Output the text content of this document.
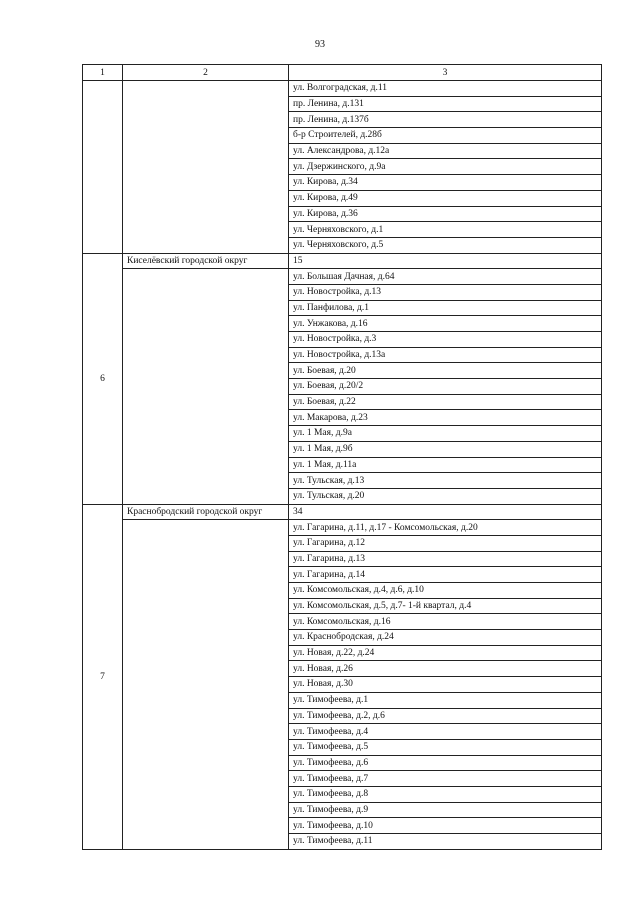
93
1	2	3
		ул. Волгоградская, д.11
		пр. Ленина, д.131
		пр. Ленина, д.137б
		б-р Строителей, д.28б
		ул. Александрова, д.12а
		ул. Дзержинского, д.9а
		ул. Кирова, д.34
		ул. Кирова, д.49
		ул. Кирова, д.36
		ул. Черняховского, д.1
		ул. Черняховского, д.5
6	Киселёвский городской округ	15
		ул. Большая Дачная, д.64
		ул. Новостройка, д.13
		ул. Панфилова, д.1
		ул. Унжакова, д.16
		ул. Новостройка, д.3
		ул. Новостройка, д.13а
		ул. Боевая, д.20
		ул. Боевая, д.20/2
		ул. Боевая, д.22
		ул. Макарова, д.23
		ул. 1 Мая, д.9а
		ул. 1 Мая, д.9б
		ул. 1 Мая, д.11а
		ул. Тульская, д.13
		ул. Тульская, д.20
7	Краснобродский городской округ	34
		ул. Гагарина, д.11, д.17 - Комсомольская, д.20
		ул. Гагарина, д.12
		ул. Гагарина, д.13
		ул. Гагарина, д.14
		ул. Комсомольская, д.4, д.6, д.10
		ул. Комсомольская, д.5, д.7- 1-й квартал, д.4
		ул. Комсомольская, д.16
		ул. Краснобродская, д.24
		ул. Новая, д.22, д.24
		ул. Новая, д.26
		ул. Новая, д.30
		ул. Тимофеева, д.1
		ул. Тимофеева, д.2, д.6
		ул. Тимофеева, д.4
		ул. Тимофеева, д.5
		ул. Тимофеева, д.6
		ул. Тимофеева, д.7
		ул. Тимофеева, д.8
		ул. Тимофеева, д.9
		ул. Тимофеева, д.10
		ул. Тимофеева, д.11
